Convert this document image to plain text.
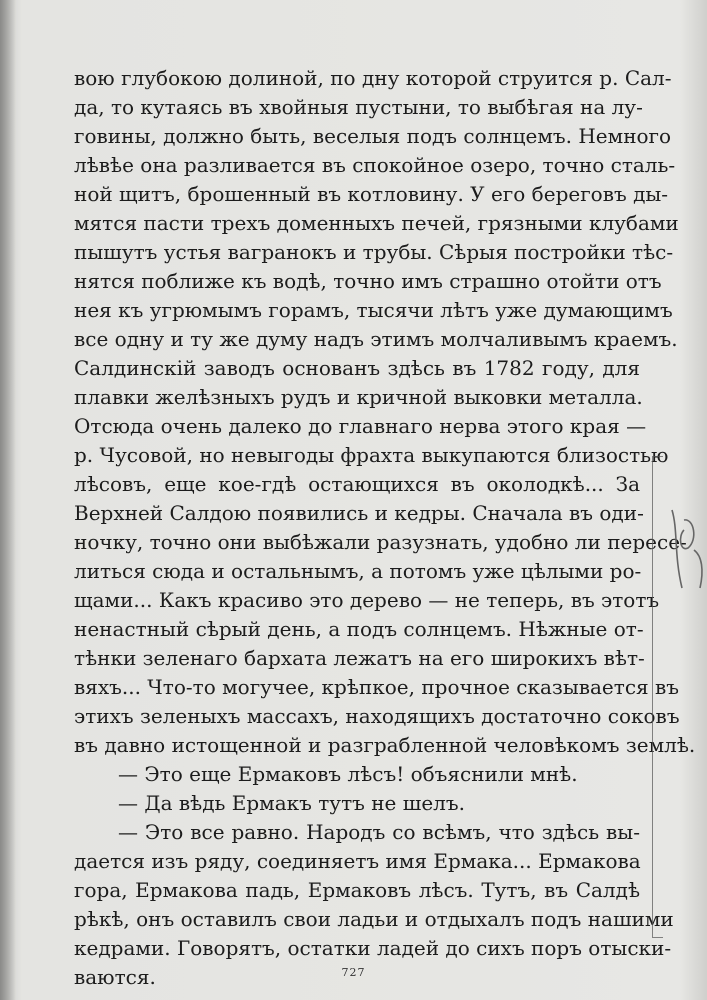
вою глубокою долиной, по дну которой струится р. Сал-
да, то кутаясь въ хвойныя пустыни, то выбѣгая на лу-
говины, должно быть, веселыя подъ солнцемъ. Немного
лѣвѣе она разливается въ спокойное озеро, точно сталь-
ной щитъ, брошенный въ котловину. У его береговъ ды-
мятся пасти трехъ доменныхъ печей, грязными клубами
пышутъ устья вагранокъ и трубы. Сѣрыя постройки тѣс-
нятся поближе къ водѣ, точно имъ страшно отойти отъ
нея къ угрюмымъ горамъ, тысячи лѣтъ уже думающимъ
все одну и ту же думу надъ этимъ молчаливымъ краемъ.
Салдинскій заводъ основанъ здѣсь въ 1782 году, для
плавки желѣзныхъ рудъ и кричной выковки металла.
Отсюда очень далеко до главнаго нерва этого края —
р. Чусовой, но невыгоды фрахта выкупаются близостью
лѣсовъ, еще кое-гдѣ остающихся въ околодкѣ... За
Верхней Салдою появились и кедры. Сначала въ оди-
ночку, точно они выбѣжали разузнать, удобно ли пересе-
литься сюда и остальнымъ, а потомъ уже цѣлыми ро-
щами... Какъ красиво это дерево — не теперь, въ этотъ
ненастный сѣрый день, а подъ солнцемъ. Нѣжные от-
тѣнки зеленаго бархата лежатъ на его широкихъ вѣт-
вяхъ... Что-то могучее, крѣпкое, прочное сказывается въ
этихъ зеленыхъ массахъ, находящихъ достаточно соковъ
въ давно истощенной и разграбленной человѣкомъ землѣ.
— Это еще Ермаковъ лѣсъ! объяснили мнѣ.
— Да вѣдь Ермакъ тутъ не шелъ.
— Это все равно. Народъ со всѣмъ, что здѣсь вы-
дается изъ ряду, соединяетъ имя Ермака... Ермакова
гора, Ермакова падь, Ермаковъ лѣсъ. Тутъ, въ Салдѣ
рѣкѣ, онъ оставилъ свои ладьи и отдыхалъ подъ нашими
кедрами. Говорятъ, остатки ладей до сихъ поръ отыски-
ваются.	727
